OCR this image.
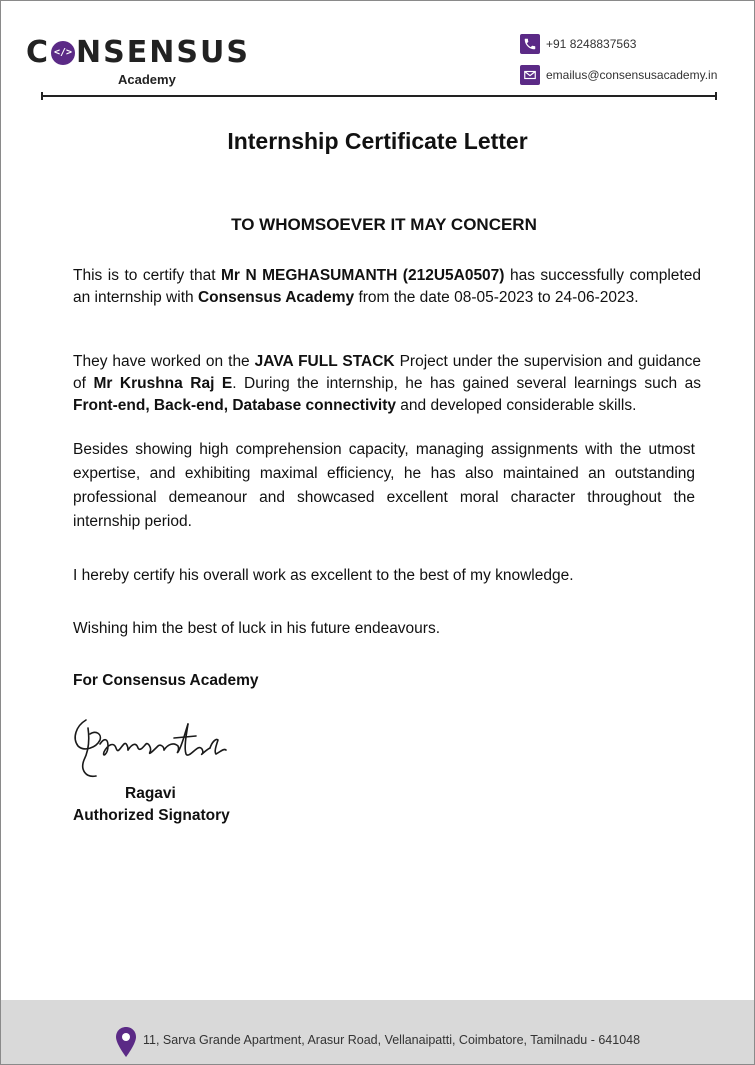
C </> NSENSUS
Academy
+91 8248837563
emailus@consensusacademy.in
Internship Certificate Letter
TO WHOMSOEVER IT MAY CONCERN
This is to certify that Mr N MEGHASUMANTH (212U5A0507) has successfully completed an internship with Consensus Academy from the date 08-05-2023 to 24-06-2023.
They have worked on the JAVA FULL STACK Project under the supervision and guidance of Mr Krushna Raj E. During the internship, he has gained several learnings such as Front-end, Back-end, Database connectivity and developed considerable skills.
Besides showing high comprehension capacity, managing assignments with the utmost expertise, and exhibiting maximal efficiency, he has also maintained an outstanding professional demeanour and showcased excellent moral character throughout the internship period.
I hereby certify his overall work as excellent to the best of my knowledge.
Wishing him the best of luck in his future endeavours.
For Consensus Academy
Ragavi
Authorized Signatory
11, Sarva Grande Apartment, Arasur Road, Vellanaipatti, Coimbatore, Tamilnadu - 641048
